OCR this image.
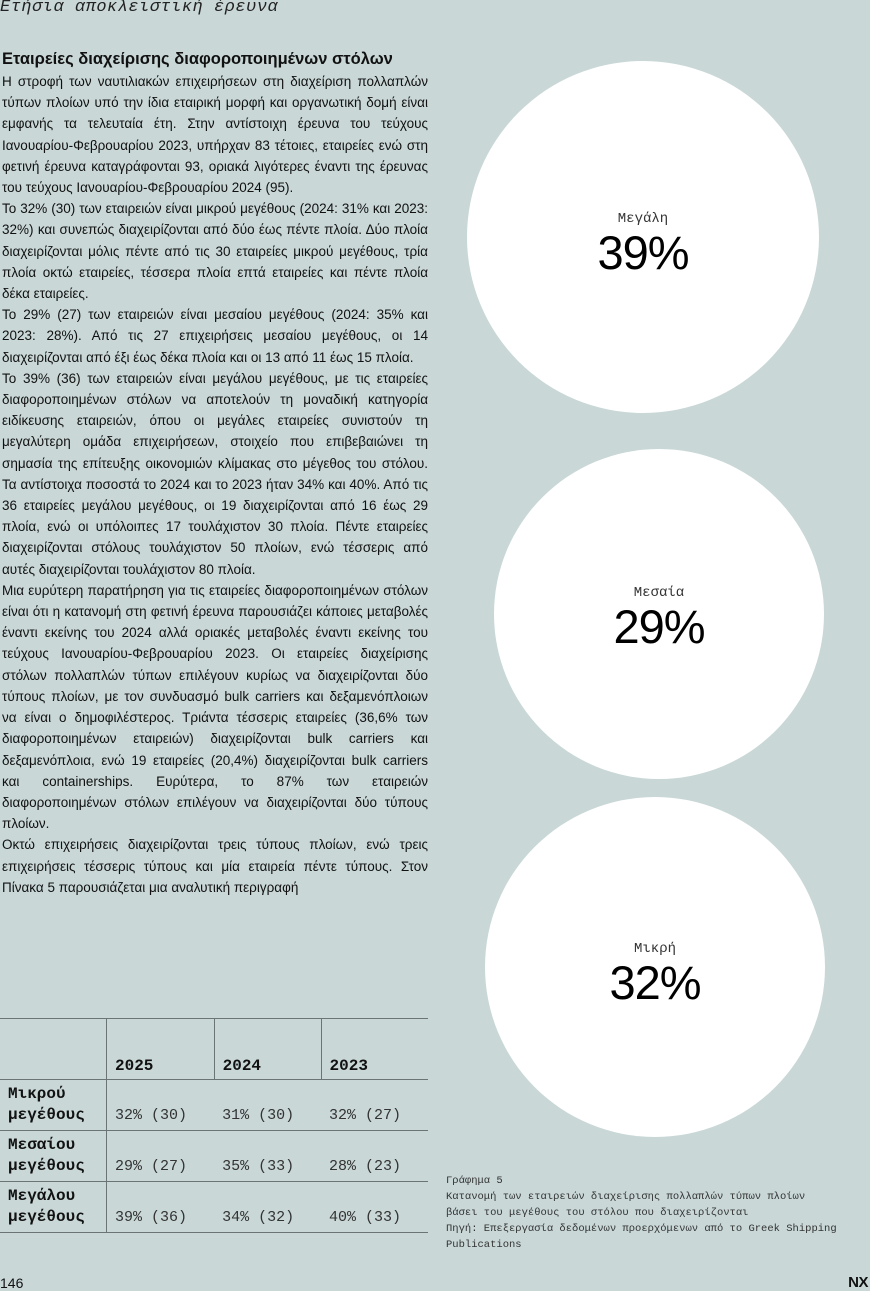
Ετήσια αποκλειστική έρευνα
Εταιρείες διαχείρισης διαφοροποιημένων στόλων

Η στροφή των ναυτιλιακών επιχειρήσεων στη διαχείριση πολλαπλών τύπων πλοίων υπό την ίδια εταιρική μορφή και οργανωτική δομή είναι εμφανής τα τελευταία έτη. Στην αντίστοιχη έρευνα του τεύχους Ιανουαρίου-Φεβρουαρίου 2023, υπήρχαν 83 τέτοιες, εταιρείες ενώ στη φετινή έρευνα καταγράφονται 93, οριακά λιγότερες έναντι της έρευνας του τεύχους Ιανουαρίου-Φεβρουαρίου 2024 (95).

Το 32% (30) των εταιρειών είναι μικρού μεγέθους (2024: 31% και 2023: 32%) και συνεπώς διαχειρίζονται από δύο έως πέντε πλοία. Δύο πλοία διαχειρίζονται μόλις πέντε από τις 30 εταιρείες μικρού μεγέθους, τρία πλοία οκτώ εταιρείες, τέσσερα πλοία επτά εταιρείες και πέντε πλοία δέκα εταιρείες.

Το 29% (27) των εταιρειών είναι μεσαίου μεγέθους (2024: 35% και 2023: 28%). Από τις 27 επιχειρήσεις μεσαίου μεγέθους, οι 14 διαχειρίζονται από έξι έως δέκα πλοία και οι 13 από 11 έως 15 πλοία.

Το 39% (36) των εταιρειών είναι μεγάλου μεγέθους, με τις εταιρείες διαφοροποιημένων στόλων να αποτελούν τη μοναδική κατηγορία ειδίκευσης εταιρειών, όπου οι μεγάλες εταιρείες συνιστούν τη μεγαλύτερη ομάδα επιχειρήσεων, στοιχείο που επιβεβαιώνει τη σημασία της επίτευξης οικονομιών κλίμακας στο μέγεθος του στόλου. Τα αντίστοιχα ποσοστά το 2024 και το 2023 ήταν 34% και 40%. Από τις 36 εταιρείες μεγάλου μεγέθους, οι 19 διαχειρίζονται από 16 έως 29 πλοία, ενώ οι υπόλοιπες 17 τουλάχιστον 30 πλοία. Πέντε εταιρείες διαχειρίζονται στόλους τουλάχιστον 50 πλοίων, ενώ τέσσερις από αυτές διαχειρίζονται τουλάχιστον 80 πλοία.

Μια ευρύτερη παρατήρηση για τις εταιρείες διαφοροποιημένων στόλων είναι ότι η κατανομή στη φετινή έρευνα παρουσιάζει κάποιες μεταβολές έναντι εκείνης του 2024 αλλά οριακές μεταβολές έναντι εκείνης του τεύχους Ιανουαρίου-Φεβρουαρίου 2023. Οι εταιρείες διαχείρισης στόλων πολλαπλών τύπων επιλέγουν κυρίως να διαχειρίζονται δύο τύπους πλοίων, με τον συνδυασμό bulk carriers και δεξαμενόπλοιων να είναι ο δημοφιλέστερος. Τριάντα τέσσερις εταιρείες (36,6% των διαφοροποιημένων εταιρειών) διαχειρίζονται bulk carriers και δεξαμενόπλοια, ενώ 19 εταιρείες (20,4%) διαχειρίζονται bulk carriers και containerships. Ευρύτερα, το 87% των εταιρειών διαφοροποιημένων στόλων επιλέγουν να διαχειρίζονται δύο τύπους πλοίων.

Οκτώ επιχειρήσεις διαχειρίζονται τρεις τύπους πλοίων, ενώ τρεις επιχειρήσεις τέσσερις τύπους και μία εταιρεία πέντε τύπους. Στον Πίνακα 5 παρουσιάζεται μια αναλυτική περιγραφή

Μεγάλη
39%
Μεσαία
29%
Μικρή
32%
	2025	2024	2023
Μικρού
μεγέθους	32% (30)	31% (30)	32% (27)
Μεσαίου
μεγέθους	29% (27)	35% (33)	28% (23)
Μεγάλου
μεγέθους	39% (36)	34% (32)	40% (33)
Γράφημα 5
Κατανομή των εταιρειών διαχείρισης πολλαπλών τύπων πλοίων
βάσει του μεγέθους του στόλου που διαχειρίζονται
Πηγή: Επεξεργασία δεδομένων προερχόμενων από το Greek Shipping
Publications
146	NX
